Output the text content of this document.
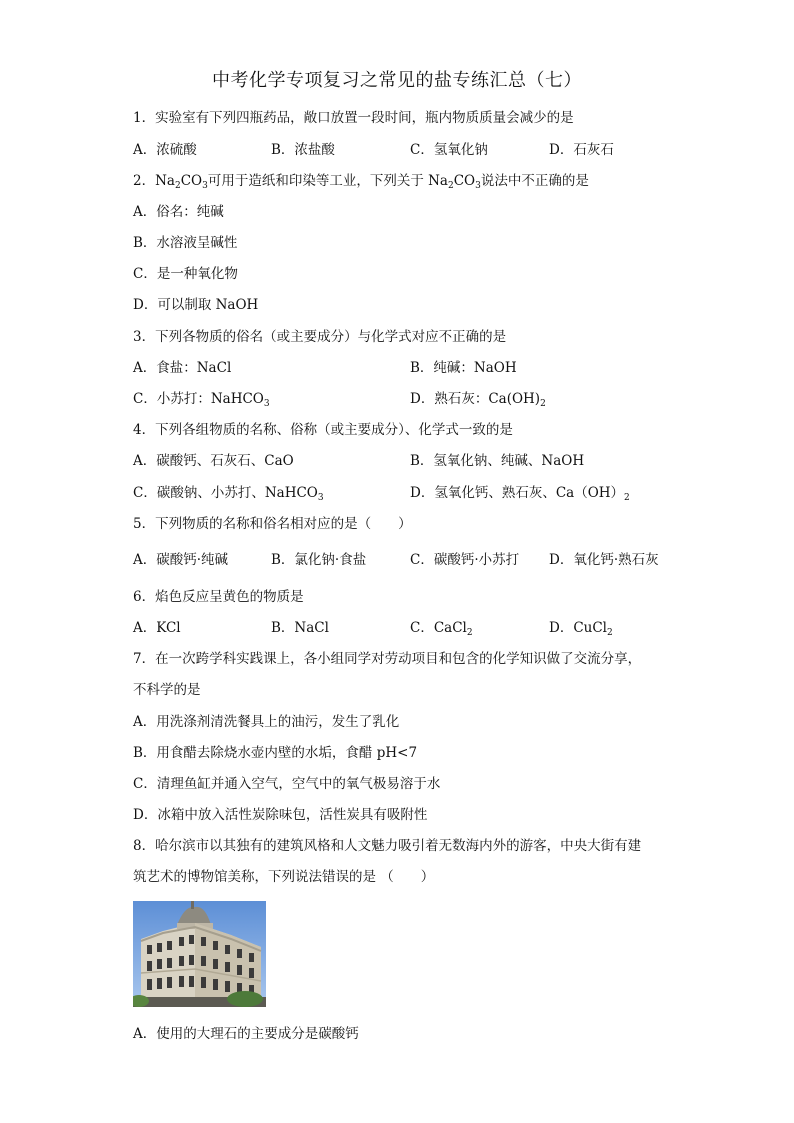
中考化学专项复习之常见的盐专练汇总（七）
1．实验室有下列四瓶药品，敞口放置一段时间，瓶内物质质量会减少的是
A．浓硫酸	B．浓盐酸	C．氢氧化钠	D．石灰石
2．$Na_2CO_3$可用于造纸和印染等工业，下列关于 $Na_2CO_3$说法中不正确的是
A．俗名：纯碱
B．水溶液呈碱性
C．是一种氧化物
D．可以制取 NaOH
3．下列各物质的俗名（或主要成分）与化学式对应不正确的是
A．食盐：NaCl	B．纯碱：NaOH
C．小苏打：NaHCO$_3$	D．熟石灰：$Ca(OH)_2$
4．下列各组物质的名称、俗称（或主要成分）、化学式一致的是
A．碳酸钙、石灰石、CaO	B．氢氧化钠、纯碱、NaOH
C．碳酸钠、小苏打、NaHCO$_3$	D．氢氧化钙、熟石灰、$Ca(OH)_2$
5．下列物质的名称和俗名相对应的是（　　）
A．碳酸钙·纯碱	B．氯化钠·食盐	C．碳酸钙·小苏打 D．氧化钙·熟石灰
6．焰色反应呈黄色的物质是
A．KCl	B．NaCl	C．CaCl$_2$	D．CuCl$_2$
7．在一次跨学科实践课上，各小组同学对劳动项目和包含的化学知识做了交流分享，
不科学的是
A．用洗涤剂清洗餐具上的油污，发生了乳化
B．用食醋去除烧水壶内壁的水垢，食醋 pH<7
C．清理鱼缸并通入空气，空气中的氧气极易溶于水
D．冰箱中放入活性炭除味包，活性炭具有吸附性
8．哈尔滨市以其独有的建筑风格和人文魅力吸引着无数海内外的游客，中央大街有建
筑艺术的博物馆美称，下列说法错误的是 （　　）
A．使用的大理石的主要成分是碳酸钙
